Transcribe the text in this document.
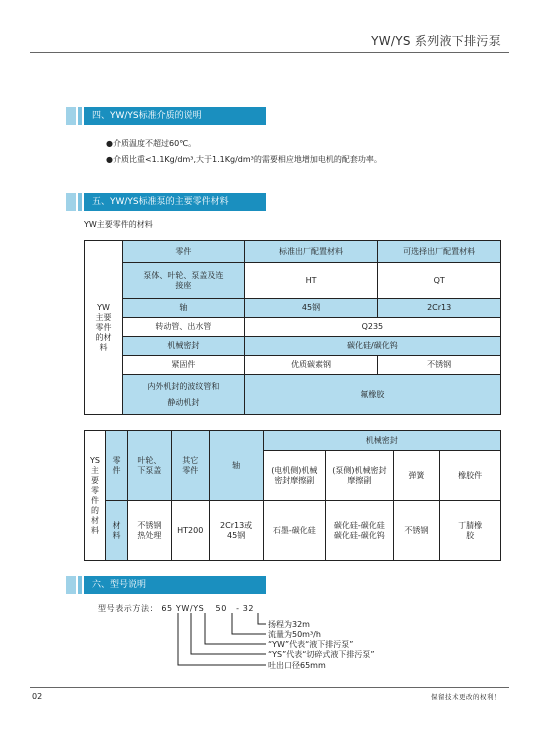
YW/YS 系列液下排污泵
四、YW/YS标准介质的说明
●介质温度不超过60℃。
●介质比重<1.1Kg/dm³,大于1.1Kg/dm³的需要相应地增加电机的配套功率。
五、YW/YS标准泵的主要零件材料
YW主要零件的材料
YW主要零件的材料	零件	标准出厂配置材料	可选择出厂配置材料
	泵体、叶轮、泵盖及连接座	HT	QT
	轴	45钢	2Cr13
	转动管、出水管	Q235	
	机械密封	碳化硅/碳化钨	
	紧固件	优质碳素钢	不锈钢
	内外机封的波纹管和静动机封	氟橡胶	
YS主要零件的材料	零件	叶轮、下泵盖	其它零件	轴	机械密封			
					(电机侧)机械密封摩擦副	(泵侧)机械密封摩擦副	弹簧	橡胶件
	材料	不锈钢热处理	HT200	2Cr13或45钢	石墨-碳化硅	碳化硅-碳化硅碳化硅-碳化钨	不锈钢	丁腈橡胶
六、型号说明
型号表示方法： 65 YW/YS 50 - 32
扬程为32m
流量为50m³/h
“YW”代表“液下排污泵”
“YS”代表“切碎式液下排污泵”
吐出口径65mm
02	保留技术更改的权利！
